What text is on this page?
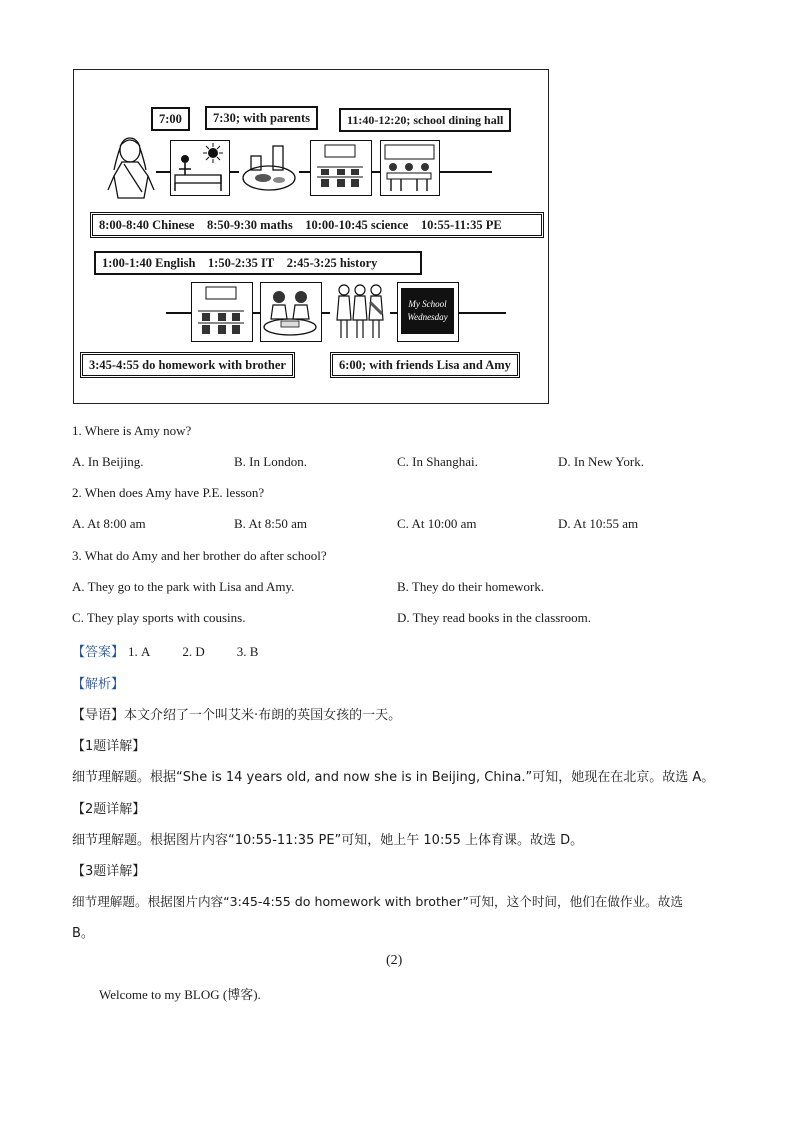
7:00	7:30; with parents	11:40-12:20; school dining hall
8:00-8:40 Chinese 8:50-9:30 maths 10:00-10:45 science 10:55-11:35 PE
1:00-1:40 English 1:50-2:35 IT 2:45-3:25 history
My School
Wednesday
3:45-4:55 do homework with brother	6:00; with friends Lisa and Amy
1. Where is Amy now?
A. In Beijing.	B. In London.	C. In Shanghai.	D. In New York.
2. When does Amy have P.E. lesson?
A. At 8:00 am	B. At 8:50 am	C. At 10:00 am	D. At 10:55 am
3. What do Amy and her brother do after school?
A. They go to the park with Lisa and Amy.	B. They do their homework.
C. They play sports with cousins.	D. They read books in the classroom.
【答案】 1. A 2. D 3. B
【解析】
【导语】本文介绍了一个叫艾米·布朗的英国女孩的一天。
【1题详解】
细节理解题。根据“She is 14 years old, and now she is in Beijing, China.”可知，她现在在北京。故选 A。
【2题详解】
细节理解题。根据图片内容“10:55-11:35 PE”可知，她上午 10:55 上体育课。故选 D。
【3题详解】
细节理解题。根据图片内容“3:45-4:55 do homework with brother”可知，这个时间，他们在做作业。故选
B。
(2)
Welcome to my BLOG (博客).
